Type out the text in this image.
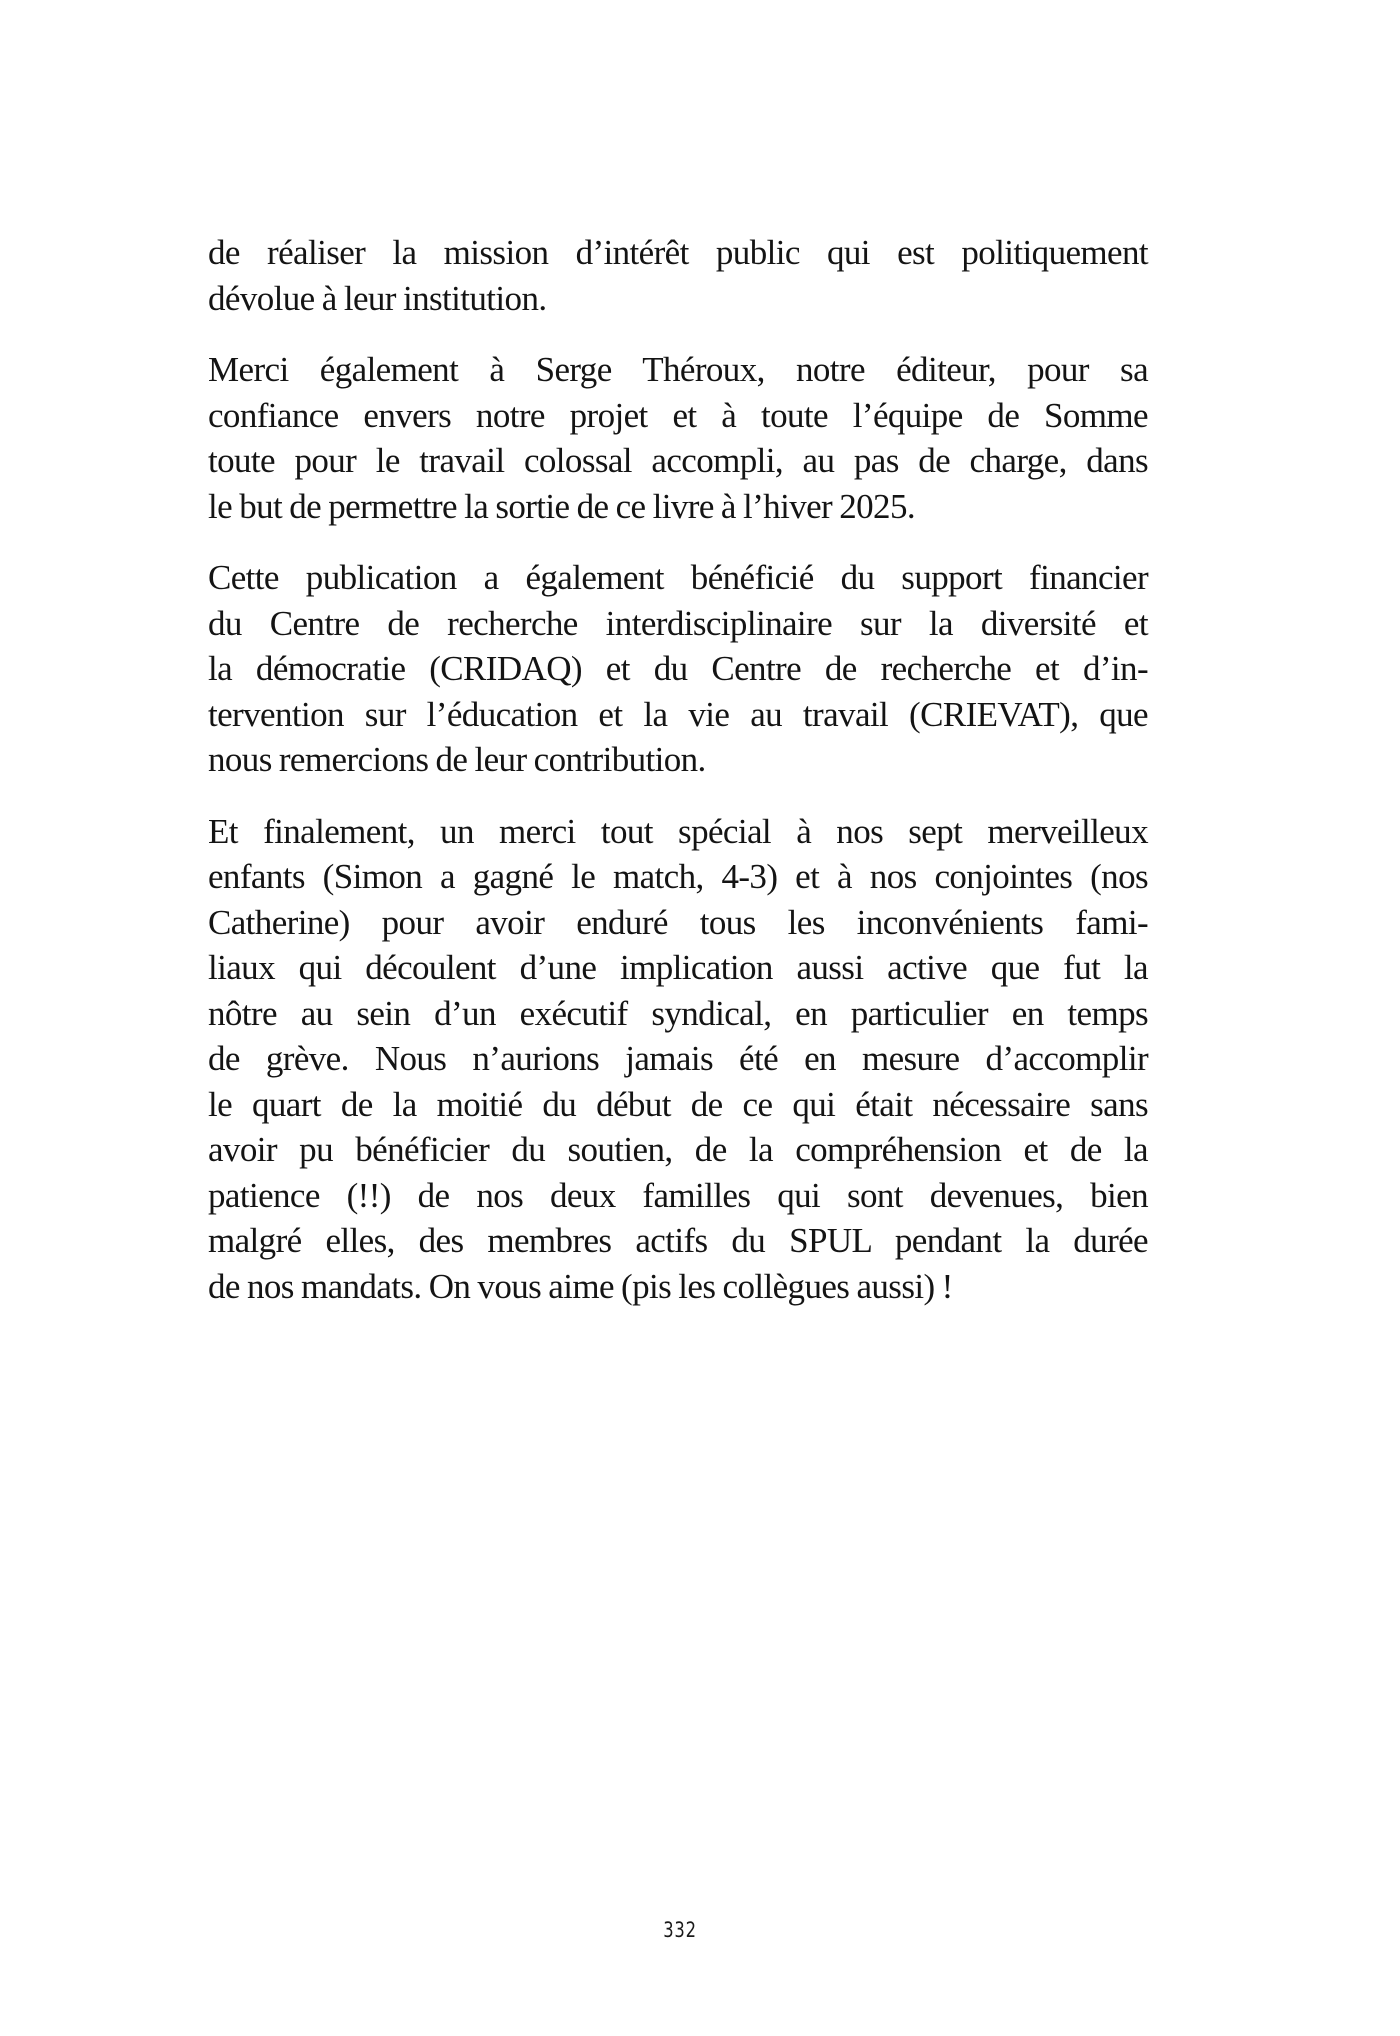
de réaliser la mission d’intérêt public qui est politiquement
dévolue à leur institution.

Merci également à Serge Théroux, notre éditeur, pour sa
confiance envers notre projet et à toute l’équipe de Somme
toute pour le travail colossal accompli, au pas de charge, dans
le but de permettre la sortie de ce livre à l’hiver 2025.

Cette publication a également bénéficié du support financier
du Centre de recherche interdisciplinaire sur la diversité et
la démocratie (CRIDAQ) et du Centre de recherche et d’in-
tervention sur l’éducation et la vie au travail (CRIEVAT), que
nous remercions de leur contribution.

Et finalement, un merci tout spécial à nos sept merveilleux
enfants (Simon a gagné le match, 4-3) et à nos conjointes (nos
Catherine) pour avoir enduré tous les inconvénients fami-
liaux qui découlent d’une implication aussi active que fut la
nôtre au sein d’un exécutif syndical, en particulier en temps
de grève. Nous n’aurions jamais été en mesure d’accomplir
le quart de la moitié du début de ce qui était nécessaire sans
avoir pu bénéficier du soutien, de la compréhension et de la
patience (!!) de nos deux familles qui sont devenues, bien
malgré elles, des membres actifs du SPUL pendant la durée
de nos mandats. On vous aime (pis les collègues aussi) !

332
